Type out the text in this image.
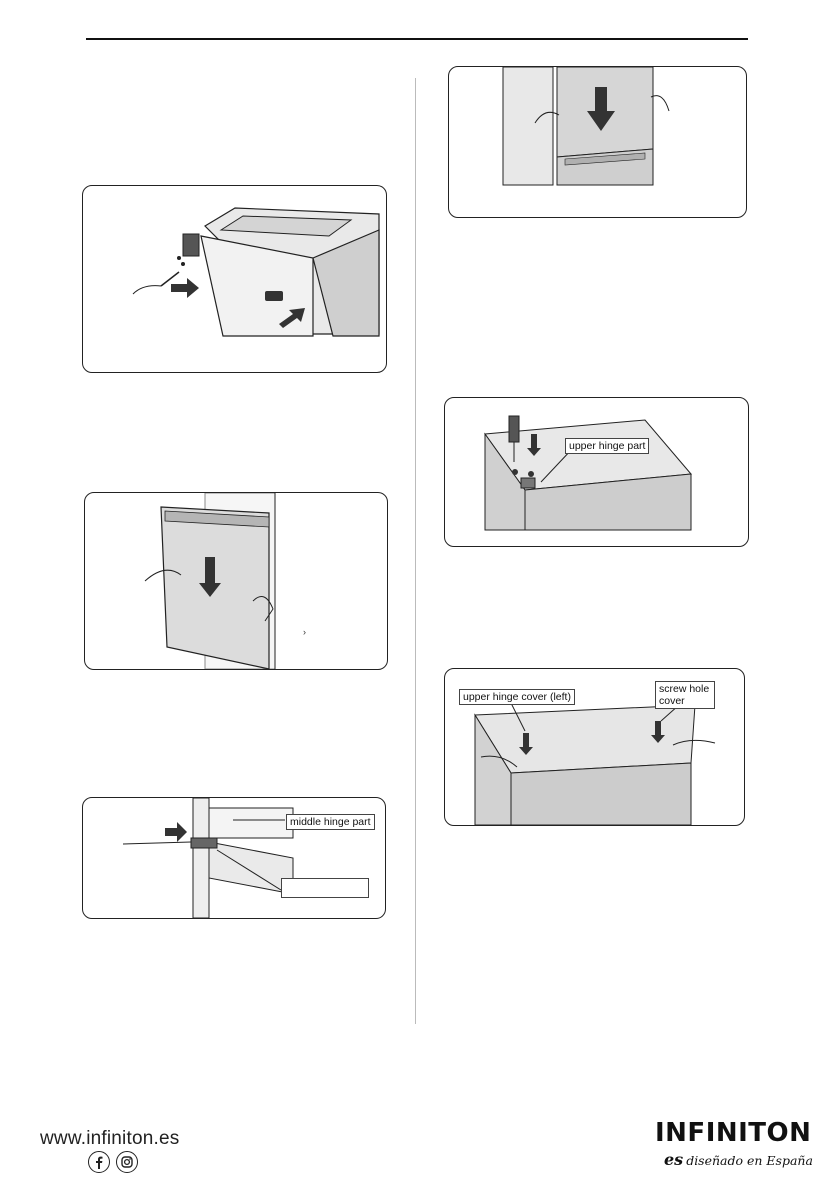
›
middle hinge part
upper hinge part
upper hinge cover (left)
screw hole
cover
www.infiniton.es	INFINITON
es diseñado en España
